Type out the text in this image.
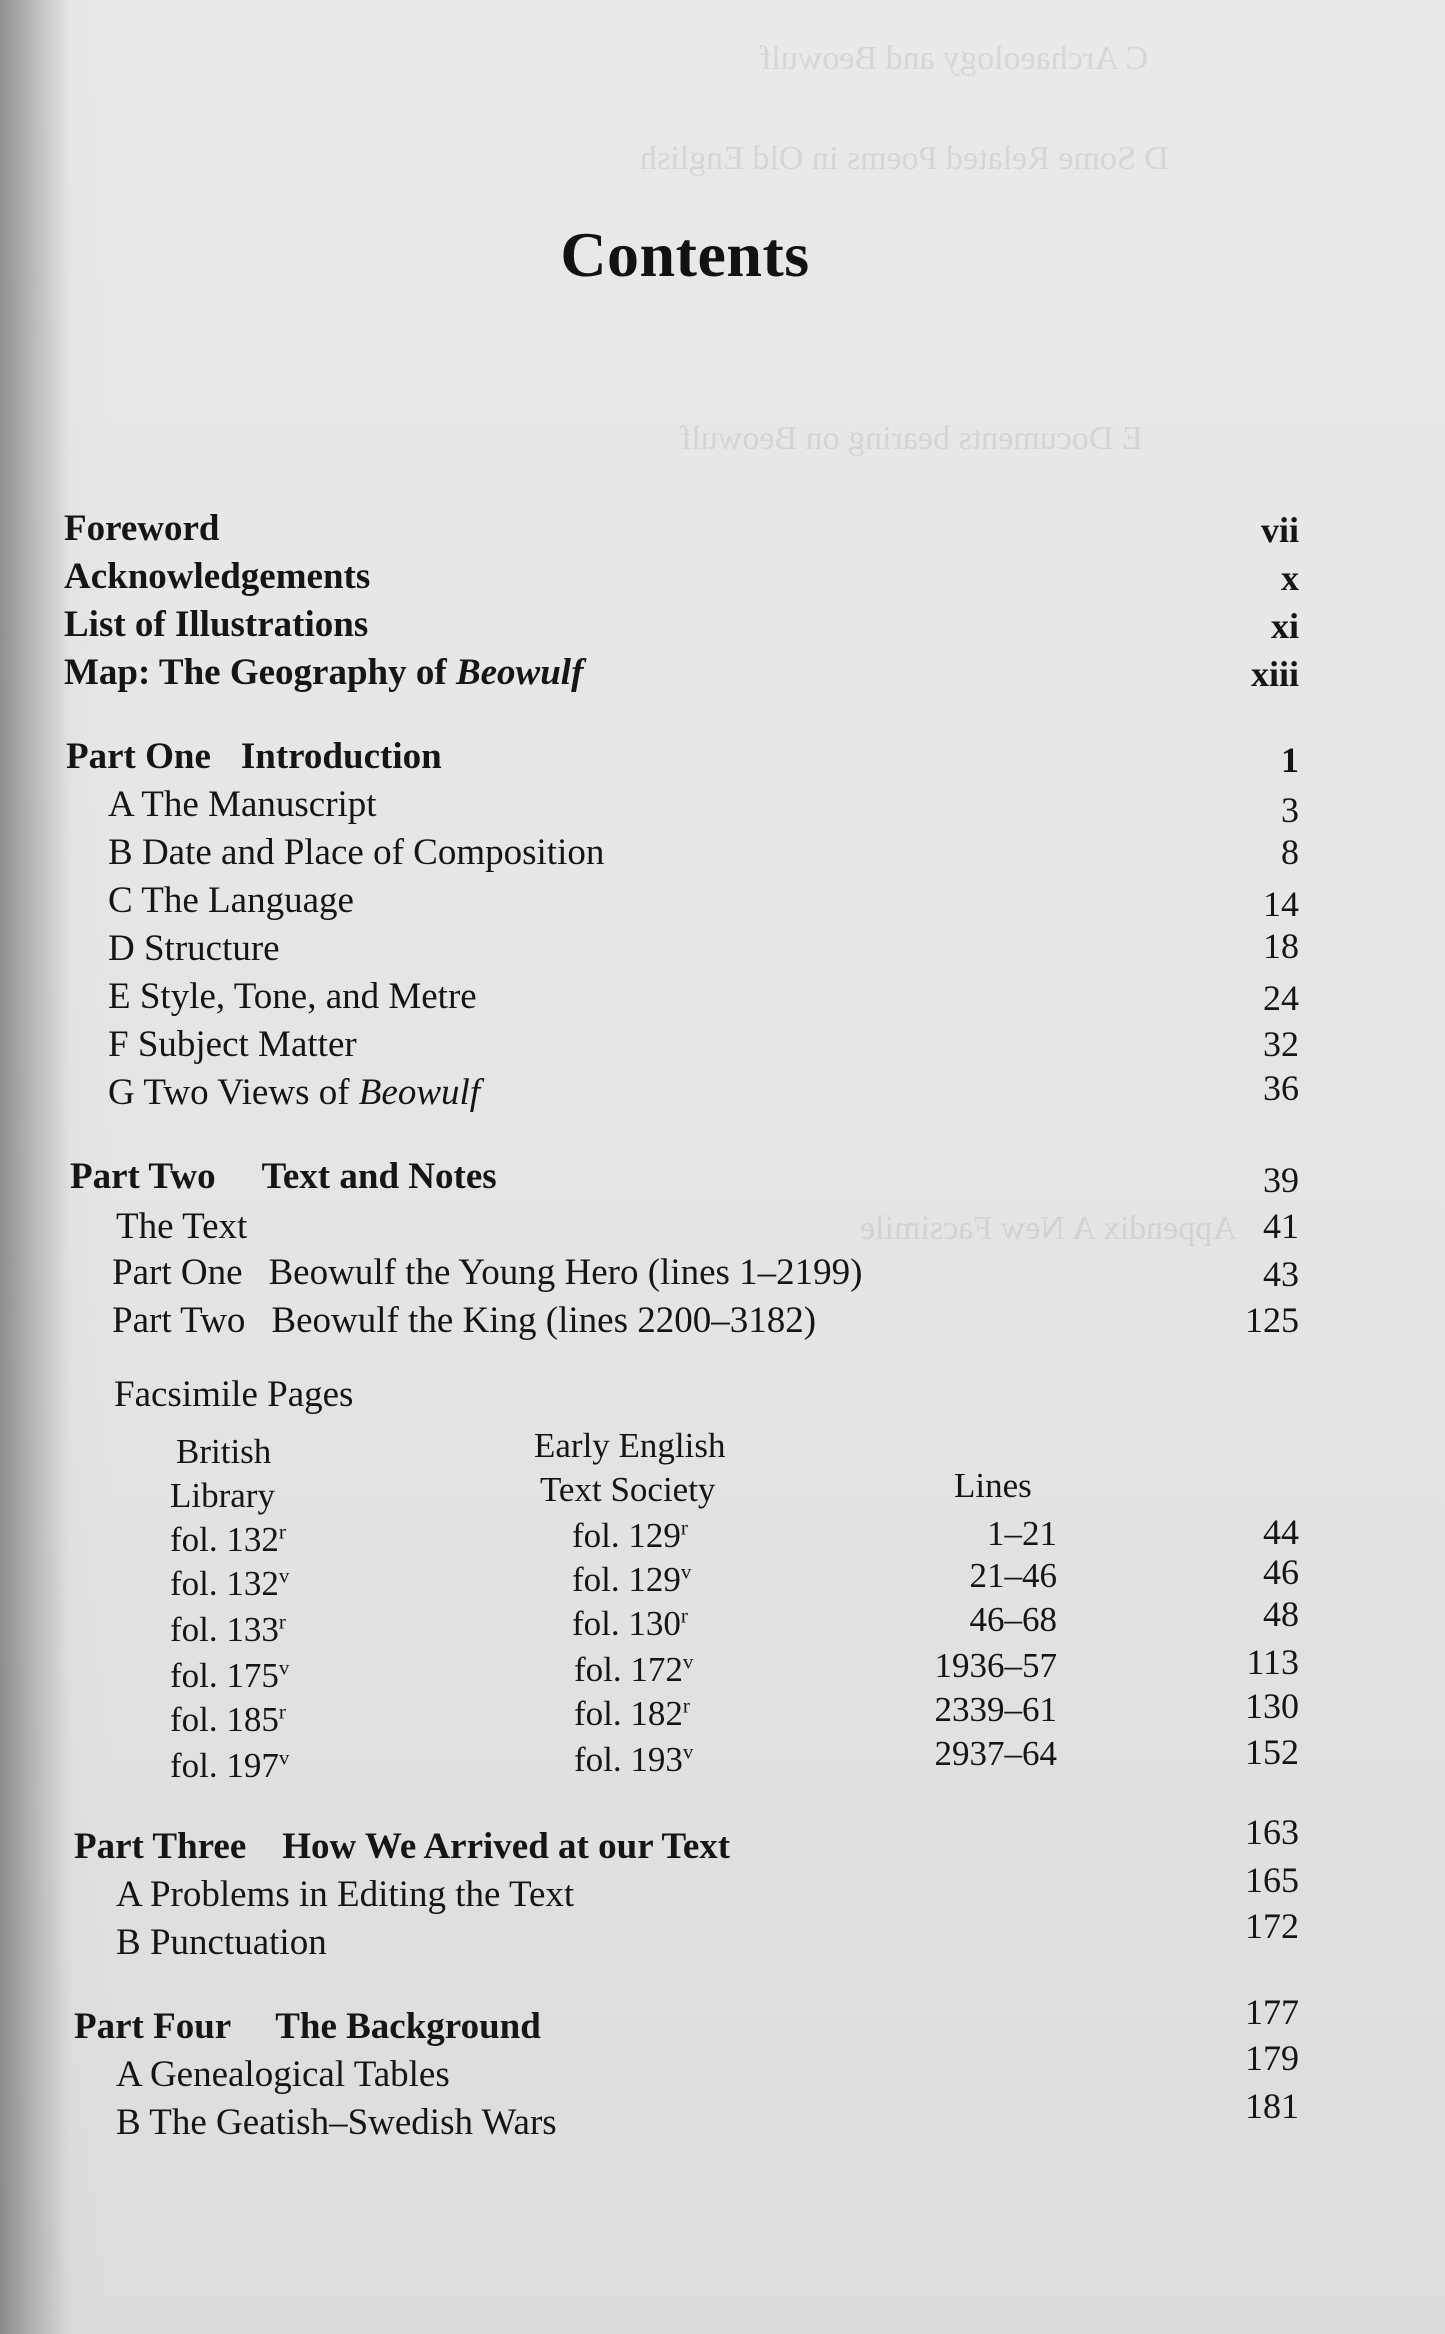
C Archaeology and Beowulf
D Some Related Poems in Old English
E Documents bearing on Beowulf
Appendix A New Facsimile
Contents
Foreword	vii
Acknowledgements	x
List of Illustrations	xi
Map: The Geography of Beowulf	xiii
Part One Introduction	1
A The Manuscript	3
B Date and Place of Composition	8
C The Language	14
D Structure	18
E Style, Tone, and Metre	24
F Subject Matter	32
G Two Views of Beowulf	36
Part Two Text and Notes	39
The Text	41
Part One Beowulf the Young Hero (lines 1–2199)	43
Part Two Beowulf the King (lines 2200–3182)	125
Facsimile Pages
British
Library
Early English
Text Society	Lines
fol. 132$^r$	fol. 129$^r$	1–21	44
fol. 132$^v$	fol. 129$^v$	21–46	46
fol. 133$^r$	fol. 130$^r$	46–68	48
fol. 175$^v$	fol. 172$^v$	1936–57	113
fol. 185$^r$	fol. 182$^r$	2339–61	130
fol. 197$^v$	fol. 193$^v$	2937–64	152
Part Three How We Arrived at our Text	163
A Problems in Editing the Text	165
B Punctuation	172
Part Four The Background	177
A Genealogical Tables	179
B The Geatish–Swedish Wars	181
